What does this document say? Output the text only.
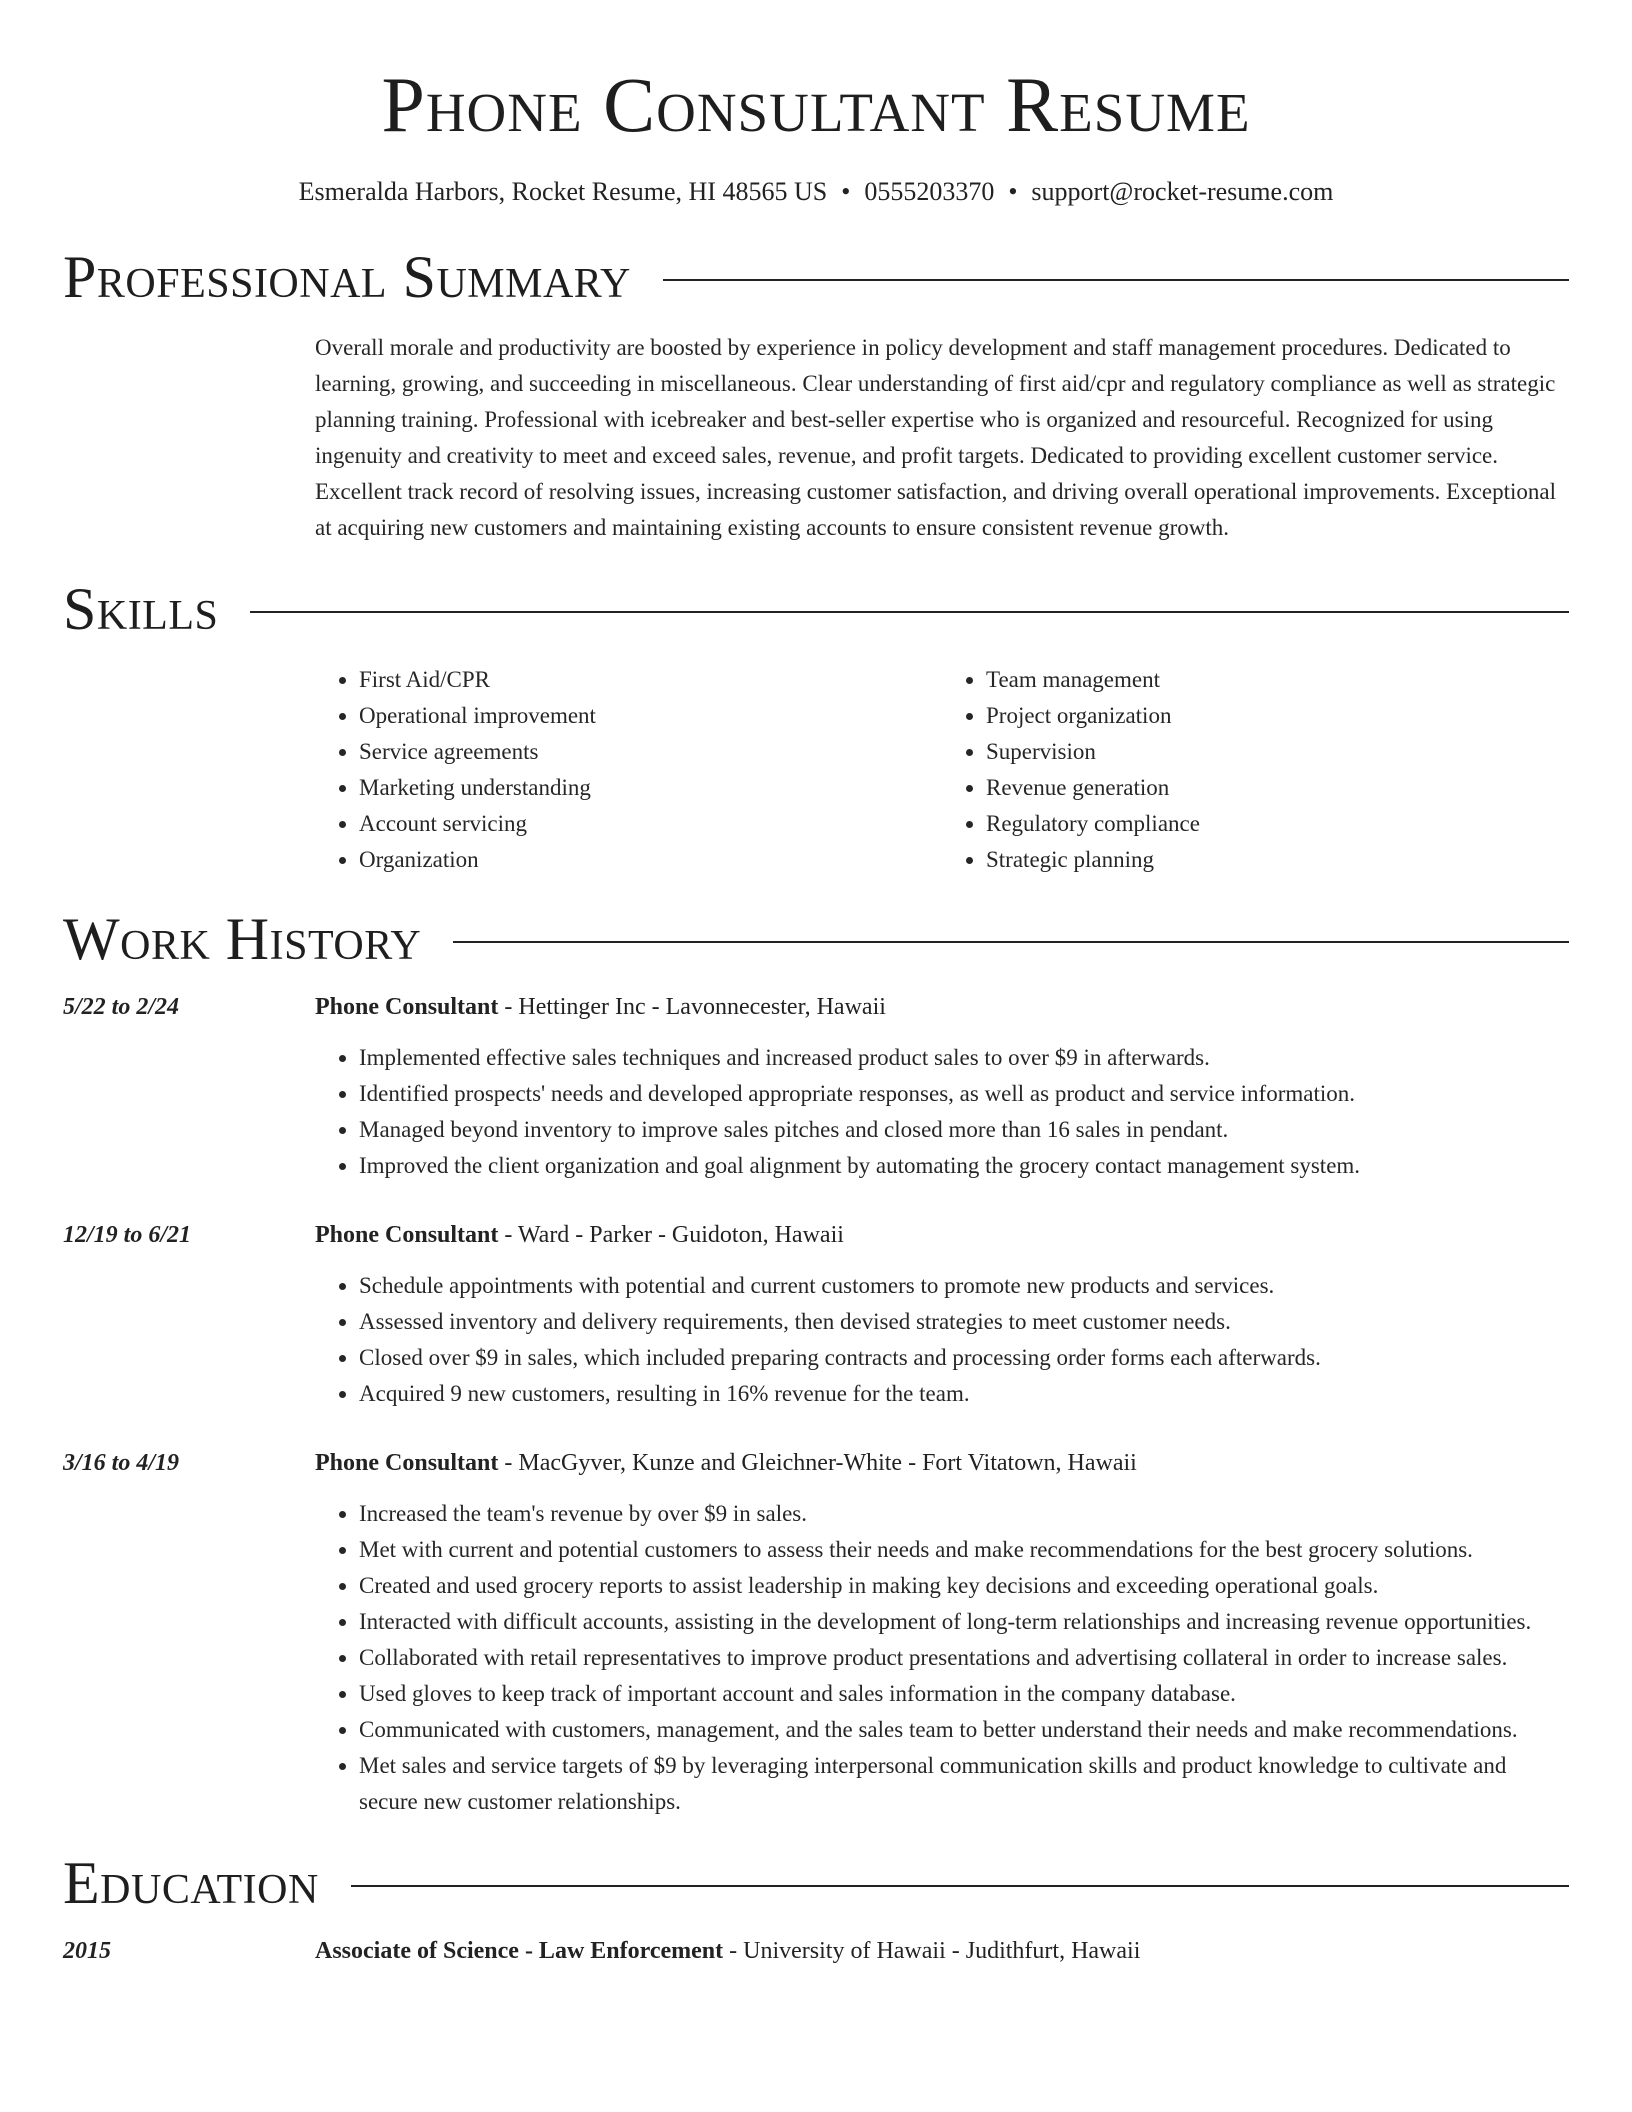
Phone Consultant Resume
Esmeralda Harbors, Rocket Resume, HI 48565 US • 0555203370 • support@rocket-resume.com
Professional Summary
Overall morale and productivity are boosted by experience in policy development and staff management procedures. Dedicated to learning, growing, and succeeding in miscellaneous. Clear understanding of first aid/cpr and regulatory compliance as well as strategic planning training. Professional with icebreaker and best-seller expertise who is organized and resourceful. Recognized for using ingenuity and creativity to meet and exceed sales, revenue, and profit targets. Dedicated to providing excellent customer service. Excellent track record of resolving issues, increasing customer satisfaction, and driving overall operational improvements. Exceptional at acquiring new customers and maintaining existing accounts to ensure consistent revenue growth.
Skills
• First Aid/CPR
• Operational improvement
• Service agreements
• Marketing understanding
• Account servicing
• Organization
• Team management
• Project organization
• Supervision
• Revenue generation
• Regulatory compliance
• Strategic planning
Work History
5/22 to 2/24	Phone Consultant - Hettinger Inc - Lavonnecester, Hawaii
• Implemented effective sales techniques and increased product sales to over $9 in afterwards.
• Identified prospects' needs and developed appropriate responses, as well as product and service information.
• Managed beyond inventory to improve sales pitches and closed more than 16 sales in pendant.
• Improved the client organization and goal alignment by automating the grocery contact management system.
12/19 to 6/21	Phone Consultant - Ward - Parker - Guidoton, Hawaii
• Schedule appointments with potential and current customers to promote new products and services.
• Assessed inventory and delivery requirements, then devised strategies to meet customer needs.
• Closed over $9 in sales, which included preparing contracts and processing order forms each afterwards.
• Acquired 9 new customers, resulting in 16% revenue for the team.
3/16 to 4/19	Phone Consultant - MacGyver, Kunze and Gleichner-White - Fort Vitatown, Hawaii
• Increased the team's revenue by over $9 in sales.
• Met with current and potential customers to assess their needs and make recommendations for the best grocery solutions.
• Created and used grocery reports to assist leadership in making key decisions and exceeding operational goals.
• Interacted with difficult accounts, assisting in the development of long-term relationships and increasing revenue opportunities.
• Collaborated with retail representatives to improve product presentations and advertising collateral in order to increase sales.
• Used gloves to keep track of important account and sales information in the company database.
• Communicated with customers, management, and the sales team to better understand their needs and make recommendations.
• Met sales and service targets of $9 by leveraging interpersonal communication skills and product knowledge to cultivate and secure new customer relationships.
Education
2015	Associate of Science - Law Enforcement - University of Hawaii - Judithfurt, Hawaii
